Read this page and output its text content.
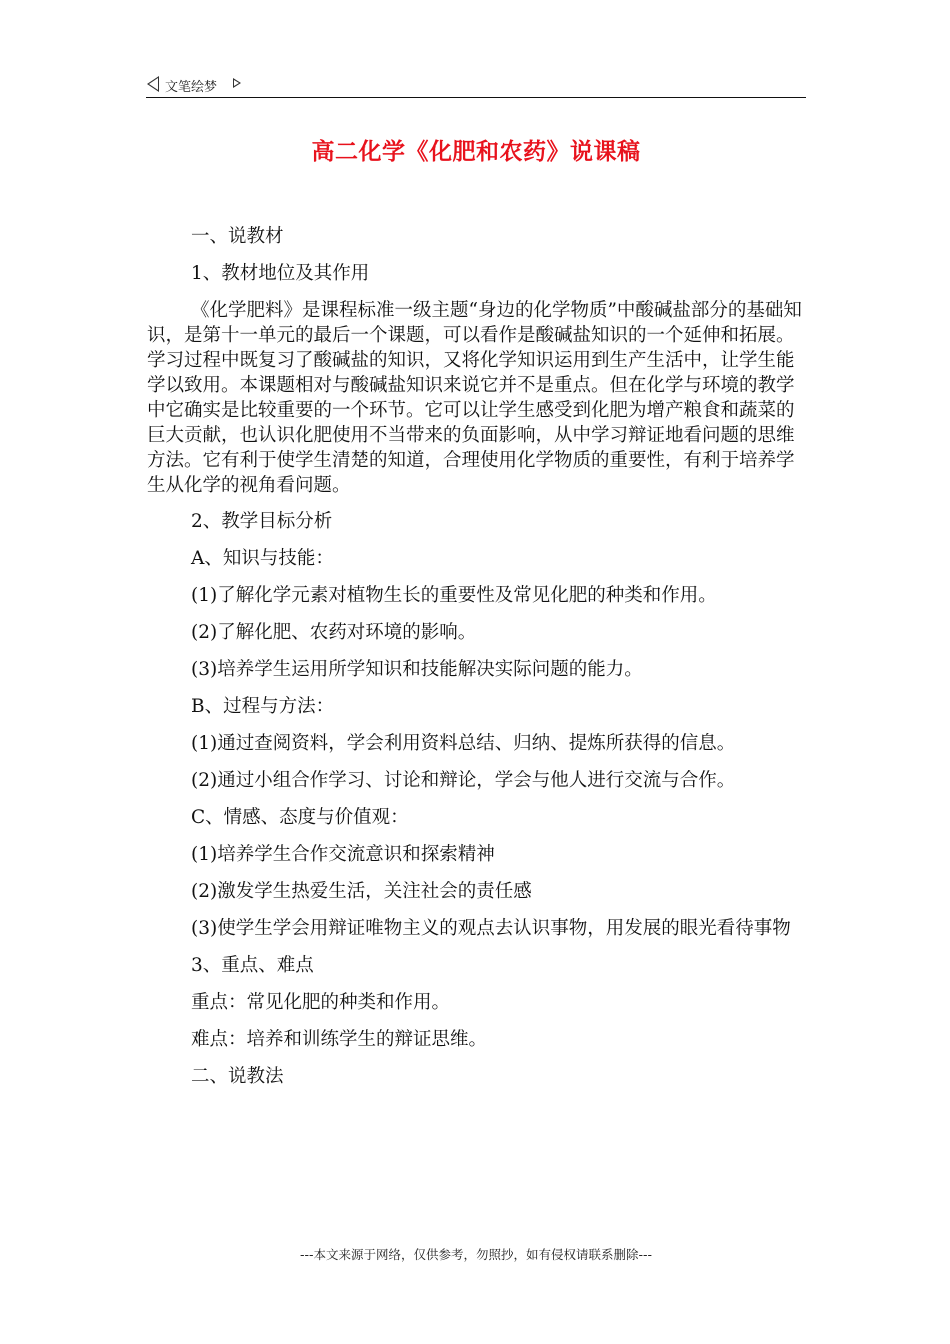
文笔绘梦
高二化学《化肥和农药》说课稿

一、说教材

1、教材地位及其作用

《化学肥料》是课程标准一级主题“身边的化学物质”中酸碱盐部分的基础知识，是第十一单元的最后一个课题，可以看作是酸碱盐知识的一个延伸和拓展。学习过程中既复习了酸碱盐的知识，又将化学知识运用到生产生活中，让学生能学以致用。本课题相对与酸碱盐知识来说它并不是重点。但在化学与环境的教学中它确实是比较重要的一个环节。它可以让学生感受到化肥为增产粮食和蔬菜的巨大贡献，也认识化肥使用不当带来的负面影响，从中学习辩证地看问题的思维方法。它有利于使学生清楚的知道，合理使用化学物质的重要性，有利于培养学生从化学的视角看问题。

2、教学目标分析

A、知识与技能：

(1)了解化学元素对植物生长的重要性及常见化肥的种类和作用。

(2)了解化肥、农药对环境的影响。

(3)培养学生运用所学知识和技能解决实际问题的能力。

B、过程与方法：

(1)通过查阅资料，学会利用资料总结、归纳、提炼所获得的信息。

(2)通过小组合作学习、讨论和辩论，学会与他人进行交流与合作。

C、情感、态度与价值观：

(1)培养学生合作交流意识和探索精神

(2)激发学生热爱生活，关注社会的责任感

(3)使学生学会用辩证唯物主义的观点去认识事物，用发展的眼光看待事物

3、重点、难点

重点：常见化肥的种类和作用。

难点：培养和训练学生的辩证思维。

二、说教法

---本文来源于网络，仅供参考，勿照抄，如有侵权请联系删除---
